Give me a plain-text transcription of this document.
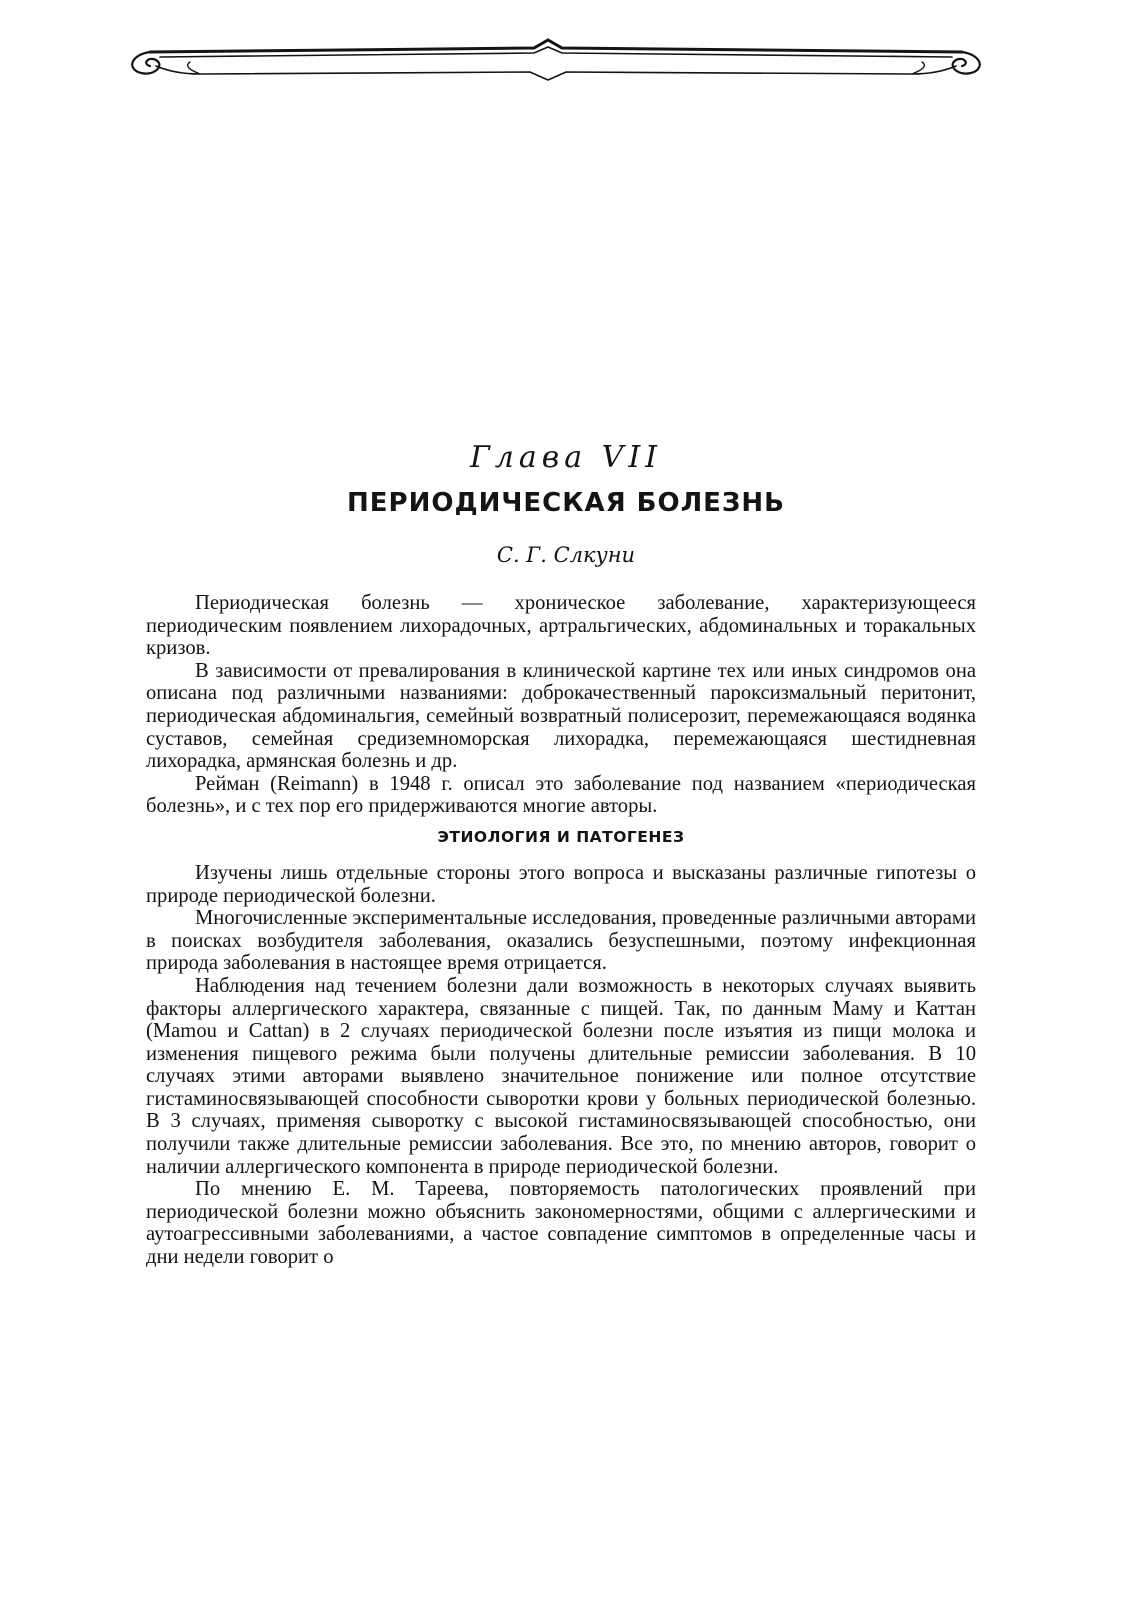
Глава VII
ПЕРИОДИЧЕСКАЯ БОЛЕЗНЬ
С. Г. Слкуни

Периодическая болезнь — хроническое заболевание, характеризующееся периодическим появлением лихорадочных, артральгических, абдоминальных и торакальных кризов.

В зависимости от превалирования в клинической картине тех или иных синдромов она описана под различными названиями: доброкачественный пароксизмальный перитонит, периодическая абдоминальгия, семейный возвратный полисерозит, перемежающаяся водянка суставов, семейная средиземноморская лихорадка, перемежающаяся шестидневная лихорадка, армянская болезнь и др.

Рейман (Reimann) в 1948 г. описал это заболевание под названием «периодическая болезнь», и с тех пор его придерживаются многие авторы.

ЭТИОЛОГИЯ И ПАТОГЕНЕЗ

Изучены лишь отдельные стороны этого вопроса и высказаны различные гипотезы о природе периодической болезни.

Многочисленные экспериментальные исследования, проведенные различными авторами в поисках возбудителя заболевания, оказались безуспешными, поэтому инфекционная природа заболевания в настоящее время отрицается.

Наблюдения над течением болезни дали возможность в некоторых случаях выявить факторы аллергического характера, связанные с пищей. Так, по данным Маму и Каттан (Mamou и Cattan) в 2 случаях периодической болезни после изъятия из пищи молока и изменения пищевого режима были получены длительные ремиссии заболевания. В 10 случаях этими авторами выявлено значительное понижение или полное отсутствие гистаминосвязывающей способности сыворотки крови у больных периодической болезнью. В 3 случаях, применяя сыворотку с высокой гистаминосвязывающей способностью, они получили также длительные ремиссии заболевания. Все это, по мнению авторов, говорит о наличии аллергического компонента в природе периодической болезни.

По мнению Е. М. Тареева, повторяемость патологических проявлений при периодической болезни можно объяснить закономерностями, общими с аллергическими и аутоагрессивными заболеваниями, а частое совпадение симптомов в определенные часы и дни недели говорит о
